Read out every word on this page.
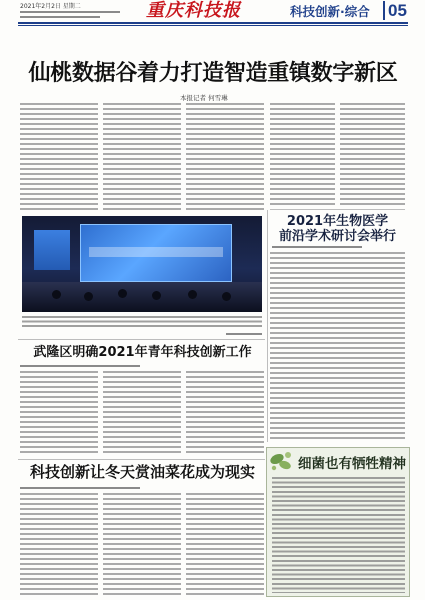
2021年2月2日 星期二	重庆科技报	科技创新·综合 05
仙桃数据谷着力打造智造重镇数字新区
本报记者 何雪琳
武隆区明确2021年青年科技创新工作
科技创新让冬天赏油菜花成为现实
2021年生物医学
前沿学术研讨会举行
细菌也有牺牲精神
